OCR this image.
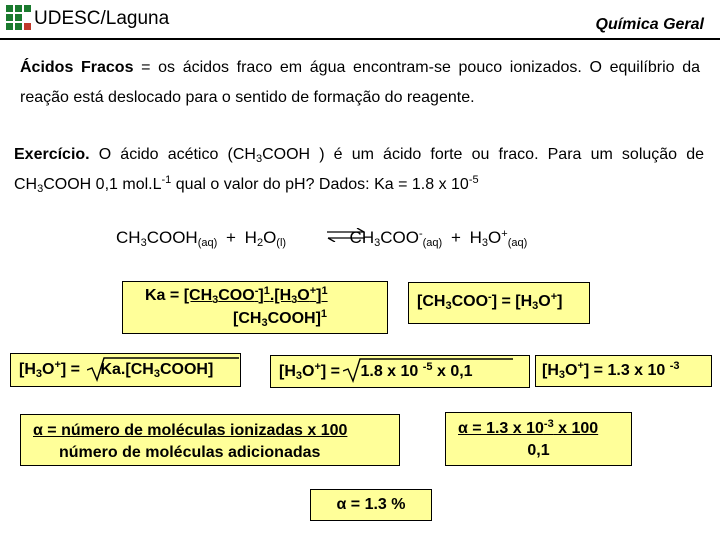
UDESC/Laguna	Química Geral
Ácidos Fracos = os ácidos fraco em água encontram-se pouco ionizados. O equilíbrio da reação está deslocado para o sentido de formação do reagente.
Exercício. O ácido acético ($CH_3COOH$ ) é um ácido forte ou fraco. Para um solução de $CH_3COOH$ 0,1 $mol.L^{-1}$ qual o valor do pH? Dados: Ka = 1.8 x $10^{-5}$
$CH_3COOH_{(aq)} + H_2O_{(l)}$	$CH_3COO^-_{(aq)} + H_3O^+_{(aq)}$
$Ka = [CH_3COO^-]^1.[H_3O^+]^1$
$[CH_3COOH]^1$
$[CH_3COO^-] = [H_3O^+]$
$[H_3O^+]$ = $Ka.[CH_3COOH]$	$[H_3O^+] = 1.8$ x 10 $^{-5}$ x 0,1	$[H_3O^+] = 1.3$ x 10 $^{-3}$
α = número de moléculas ionizadas x 100
número de moléculas adicionadas
α = 1.3 x $10^{-3}$ x 100
0,1
α = 1.3 %
